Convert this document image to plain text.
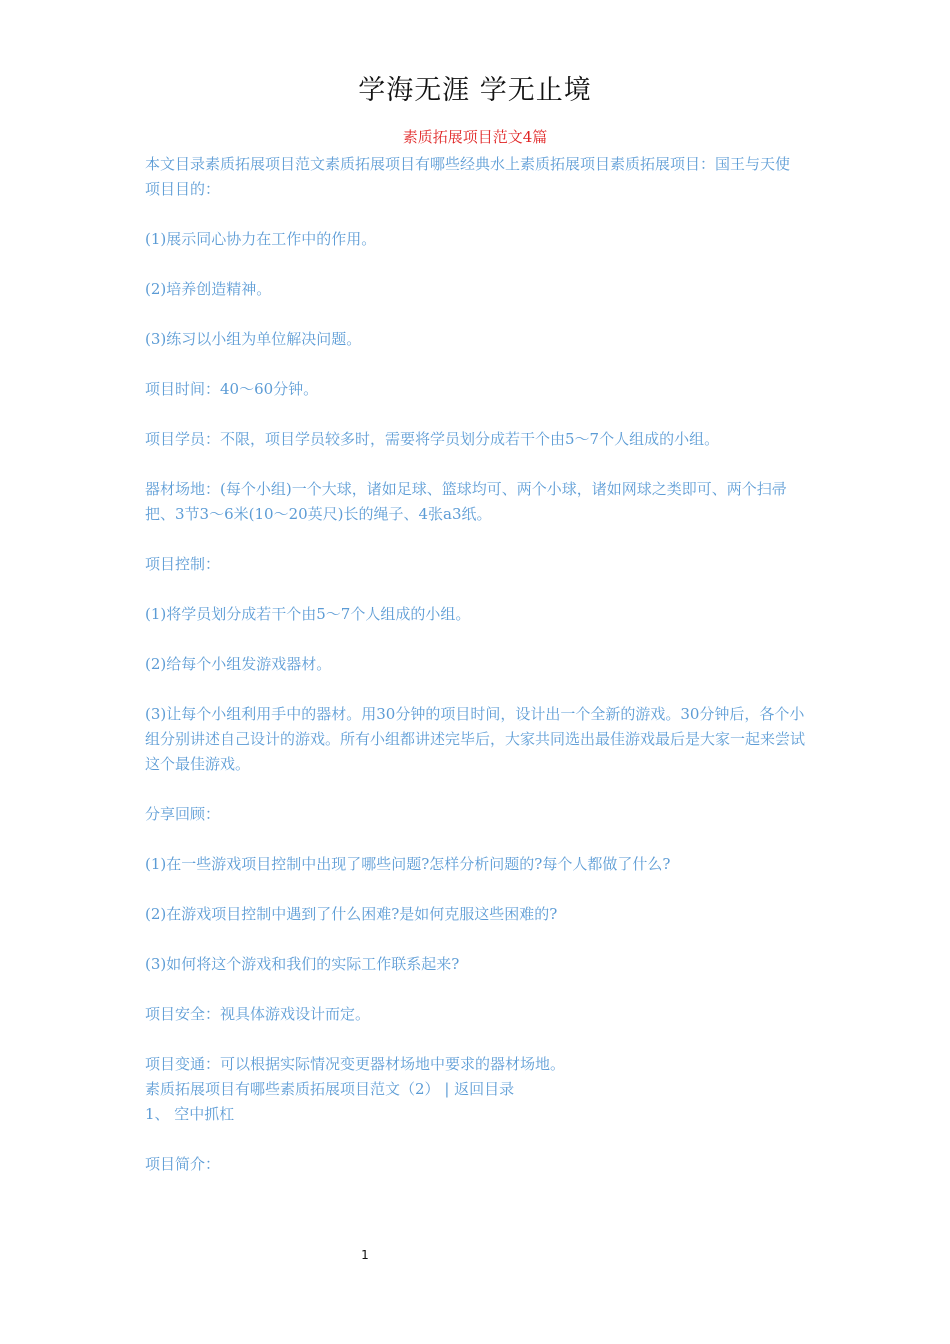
学海无涯 学无止境
素质拓展项目范文4篇

本文目录素质拓展项目范文素质拓展项目有哪些经典水上素质拓展项目素质拓展项目：国王与天使

项目目的：

(1)展示同心协力在工作中的作用。

(2)培养创造精神。

(3)练习以小组为单位解决问题。

项目时间：40～60分钟。

项目学员：不限，项目学员较多时，需要将学员划分成若干个由5～7个人组成的小组。

器材场地：(每个小组)一个大球，诸如足球、篮球均可、两个小球，诸如网球之类即可、两个扫帚把、3节3～6米(10～20英尺)长的绳子、4张a3纸。

项目控制：

(1)将学员划分成若干个由5～7个人组成的小组。

(2)给每个小组发游戏器材。

(3)让每个小组利用手中的器材。用30分钟的项目时间，设计出一个全新的游戏。30分钟后，各个小组分别讲述自己设计的游戏。所有小组都讲述完毕后，大家共同选出最佳游戏最后是大家一起来尝试这个最佳游戏。

分享回顾：

(1)在一些游戏项目控制中出现了哪些问题?怎样分析问题的?每个人都做了什么?

(2)在游戏项目控制中遇到了什么困难?是如何克服这些困难的?

(3)如何将这个游戏和我们的实际工作联系起来?

项目安全：视具体游戏设计而定。

项目变通：可以根据实际情况变更器材场地中要求的器材场地。

素质拓展项目有哪些素质拓展项目范文（2） | 返回目录

1、 空中抓杠

项目简介：

1
